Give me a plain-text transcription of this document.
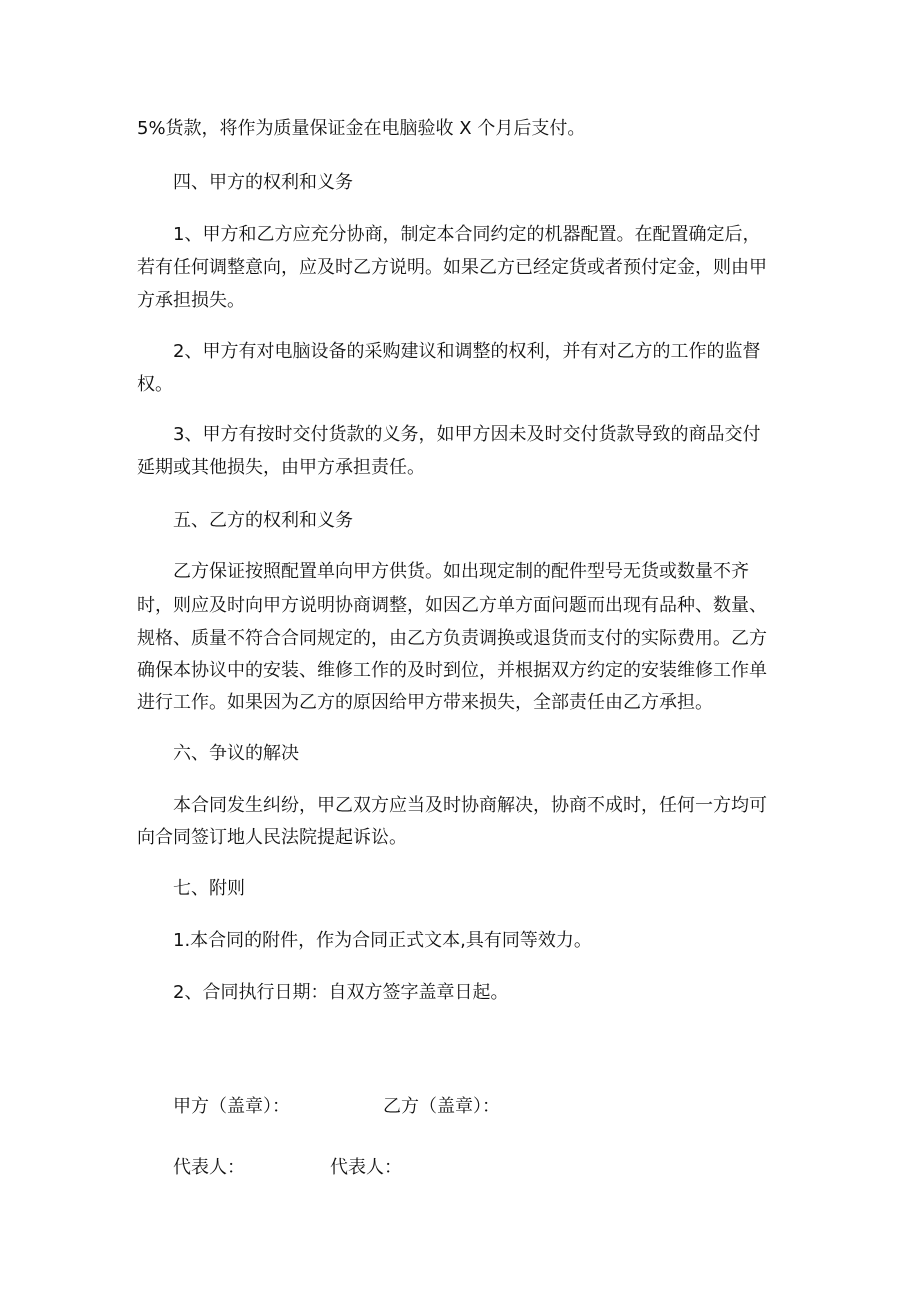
5%货款，将作为质量保证金在电脑验收 X 个月后支付。
四、甲方的权利和义务
1、甲方和乙方应充分协商，制定本合同约定的机器配置。在配置确定后，
若有任何调整意向，应及时乙方说明。如果乙方已经定货或者预付定金，则由甲
方承担损失。
2、甲方有对电脑设备的采购建议和调整的权利，并有对乙方的工作的监督
权。
3、甲方有按时交付货款的义务，如甲方因未及时交付货款导致的商品交付
延期或其他损失，由甲方承担责任。
五、乙方的权利和义务
乙方保证按照配置单向甲方供货。如出现定制的配件型号无货或数量不齐
时，则应及时向甲方说明协商调整，如因乙方单方面问题而出现有品种、数量、
规格、质量不符合合同规定的，由乙方负责调换或退货而支付的实际费用。乙方
确保本协议中的安装、维修工作的及时到位，并根据双方约定的安装维修工作单
进行工作。如果因为乙方的原因给甲方带来损失，全部责任由乙方承担。
六、争议的解决
本合同发生纠纷，甲乙双方应当及时协商解决，协商不成时，任何一方均可
向合同签订地人民法院提起诉讼。
七、附则
1.本合同的附件，作为合同正式文本,具有同等效力。
2、合同执行日期：自双方签字盖章日起。
甲方（盖章）：	乙方（盖章）：
代表人：	代表人：
